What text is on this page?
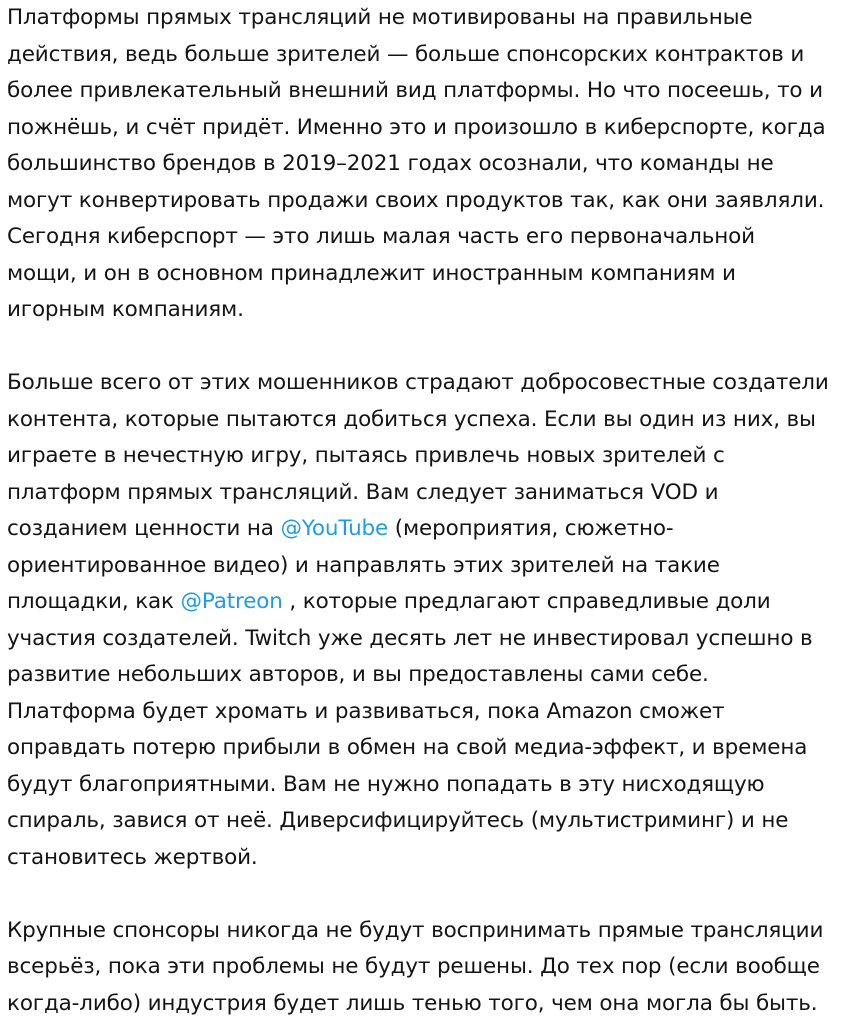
Платформы прямых трансляций не мотивированы на правильные
действия, ведь больше зрителей — больше спонсорских контрактов и
более привлекательный внешний вид платформы. Но что посеешь, то и
пожнёшь, и счёт придёт. Именно это и произошло в киберспорте, когда
большинство брендов в 2019–2021 годах осознали, что команды не
могут конвертировать продажи своих продуктов так, как они заявляли.
Сегодня киберспорт — это лишь малая часть его первоначальной
мощи, и он в основном принадлежит иностранным компаниям и
игорным компаниям.
Больше всего от этих мошенников страдают добросовестные создатели
контента, которые пытаются добиться успеха. Если вы один из них, вы
играете в нечестную игру, пытаясь привлечь новых зрителей с
платформ прямых трансляций. Вам следует заниматься VOD и
создaнием ценности на @YouTube (мероприятия, сюжетно-
ориентированное видео) и направлять этих зрителей на такие
площадки, как @Patreon , которые предлагают справедливые доли
участия создателей. Twitch уже десять лет не инвестировал успешно в
развитие небольших авторов, и вы предоставлены сами себе.
Платформа будет хромать и развиваться, пока Amazon сможет
оправдать потерю прибыли в обмен на свой медиа-эффект, и времена
будут благоприятными. Вам не нужно попадать в эту нисходящую
спираль, завися от неё. Диверсифицируйтесь (мультистриминг) и не
становитесь жертвой.
Крупные спонсоры никогда не будут воспринимать прямые трансляции
всерьёз, пока эти проблемы не будут решены. До тех пор (если вообще
когда-либо) индустрия будет лишь тенью того, чем она могла бы быть.
